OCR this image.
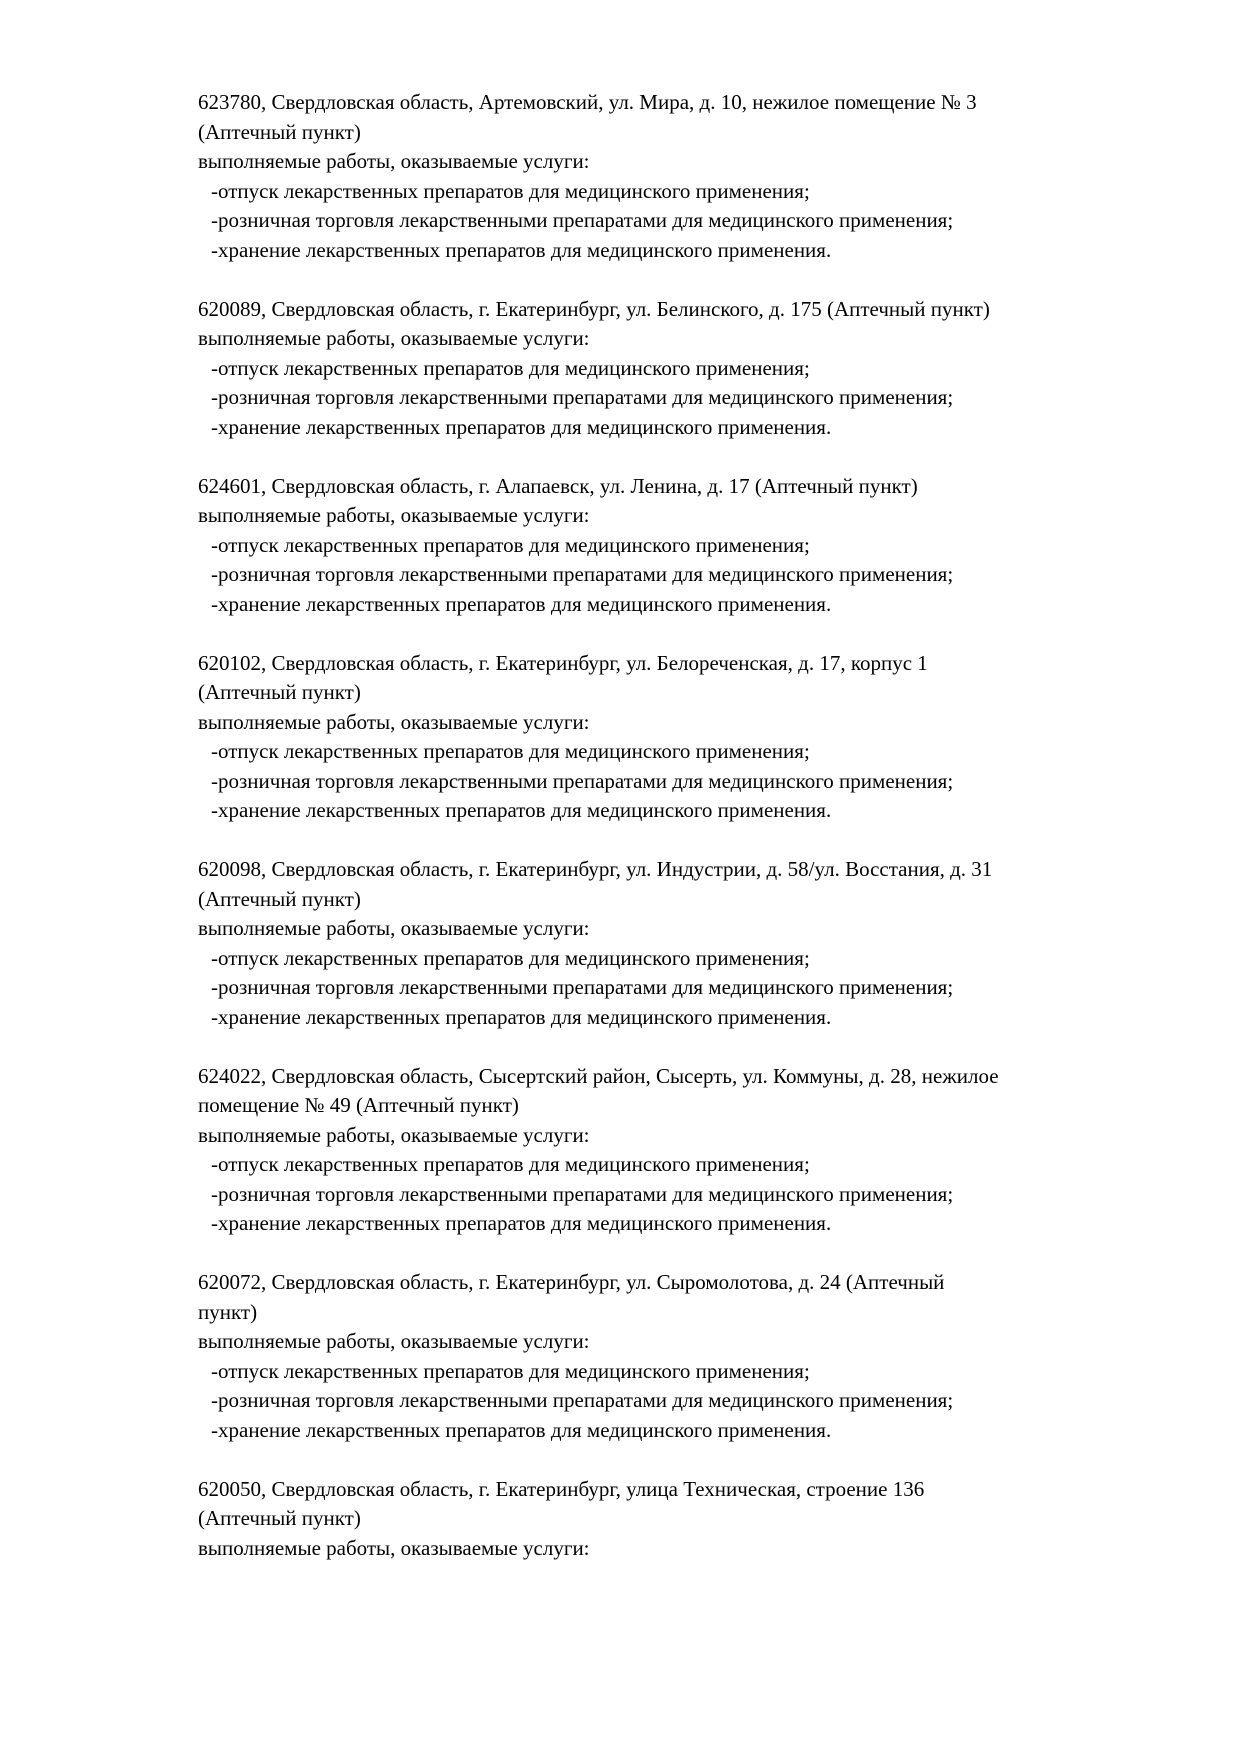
623780, Свердловская область, Артемовский, ул. Мира, д. 10, нежилое помещение № 3
(Аптечный пункт)
выполняемые работы, оказываемые услуги:
-отпуск лекарственных препаратов для медицинского применения;
-розничная торговля лекарственными препаратами для медицинского применения;
-хранение лекарственных препаратов для медицинского применения.
620089, Свердловская область, г. Екатеринбург, ул. Белинского, д. 175 (Аптечный пункт)
выполняемые работы, оказываемые услуги:
-отпуск лекарственных препаратов для медицинского применения;
-розничная торговля лекарственными препаратами для медицинского применения;
-хранение лекарственных препаратов для медицинского применения.
624601, Свердловская область, г. Алапаевск, ул. Ленина, д. 17 (Аптечный пункт)
выполняемые работы, оказываемые услуги:
-отпуск лекарственных препаратов для медицинского применения;
-розничная торговля лекарственными препаратами для медицинского применения;
-хранение лекарственных препаратов для медицинского применения.
620102, Свердловская область, г. Екатеринбург, ул. Белореченская, д. 17, корпус 1
(Аптечный пункт)
выполняемые работы, оказываемые услуги:
-отпуск лекарственных препаратов для медицинского применения;
-розничная торговля лекарственными препаратами для медицинского применения;
-хранение лекарственных препаратов для медицинского применения.
620098, Свердловская область, г. Екатеринбург, ул. Индустрии, д. 58/ул. Восстания, д. 31
(Аптечный пункт)
выполняемые работы, оказываемые услуги:
-отпуск лекарственных препаратов для медицинского применения;
-розничная торговля лекарственными препаратами для медицинского применения;
-хранение лекарственных препаратов для медицинского применения.
624022, Свердловская область, Сысертский район, Сысерть, ул. Коммуны, д. 28, нежилое
помещение № 49 (Аптечный пункт)
выполняемые работы, оказываемые услуги:
-отпуск лекарственных препаратов для медицинского применения;
-розничная торговля лекарственными препаратами для медицинского применения;
-хранение лекарственных препаратов для медицинского применения.
620072, Свердловская область, г. Екатеринбург, ул. Сыромолотова, д. 24 (Аптечный
пункт)
выполняемые работы, оказываемые услуги:
-отпуск лекарственных препаратов для медицинского применения;
-розничная торговля лекарственными препаратами для медицинского применения;
-хранение лекарственных препаратов для медицинского применения.
620050, Свердловская область, г. Екатеринбург, улица Техническая, строение 136
(Аптечный пункт)
выполняемые работы, оказываемые услуги:
